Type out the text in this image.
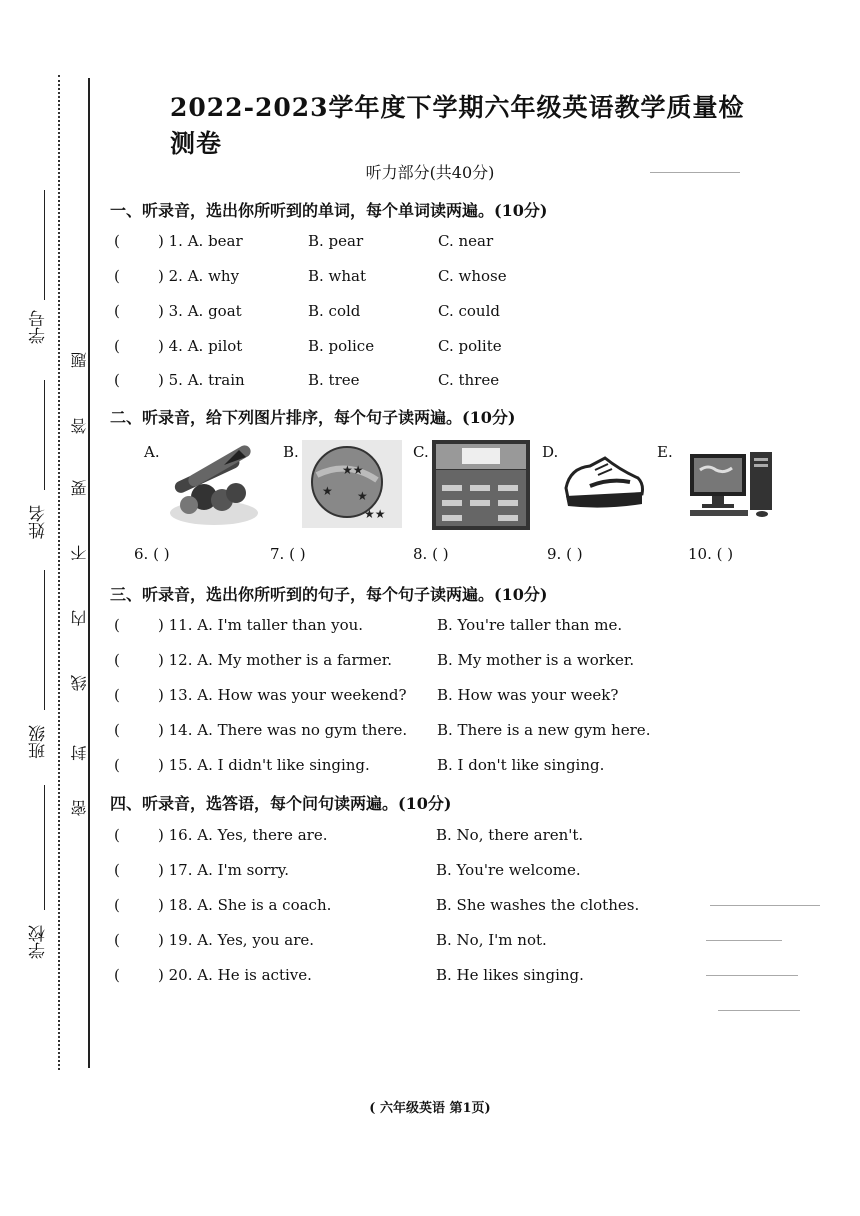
学号
姓名
班级
学校
密
封
线
内
不
要
答
题
2022-2023学年度下学期六年级英语教学质量检测卷
听力部分(共40分)
一、听录音，选出你所听到的单词，每个单词读两遍。(10分)
(	) 1. A. bear	B. pear	C. near
(	) 2. A. why	B. what	C. whose
(	) 3. A. goat	B. cold	C. could
(	) 4. A. pilot	B. police	C. polite
(	) 5. A. train	B. tree	C. three
二、听录音，给下列图片排序，每个句子读两遍。(10分)
A.	B.	C.	D.	E.
★★
★
★★
★
6. ( )	7. ( )	8. ( )	9. ( )	10. ( )
三、听录音，选出你所听到的句子，每个句子读两遍。(10分)
(	) 11. A. I'm taller than you.	B. You're taller than me.
(	) 12. A. My mother is a farmer.	B. My mother is a worker.
(	) 13. A. How was your weekend? B. How was your week?
(	) 14. A. There was no gym there. B. There is a new gym here.
(	) 15. A. I didn't like singing.	B. I don't like singing.
四、听录音，选答语，每个问句读两遍。(10分)
(	) 16. A. Yes, there are.	B. No, there aren't.
(	) 17. A. I'm sorry.	B. You're welcome.
(	) 18. A. She is a coach.	B. She washes the clothes.
(	) 19. A. Yes, you are.	B. No, I'm not.
(	) 20. A. He is active.	B. He likes singing.
( 六年级英语 第1页)
